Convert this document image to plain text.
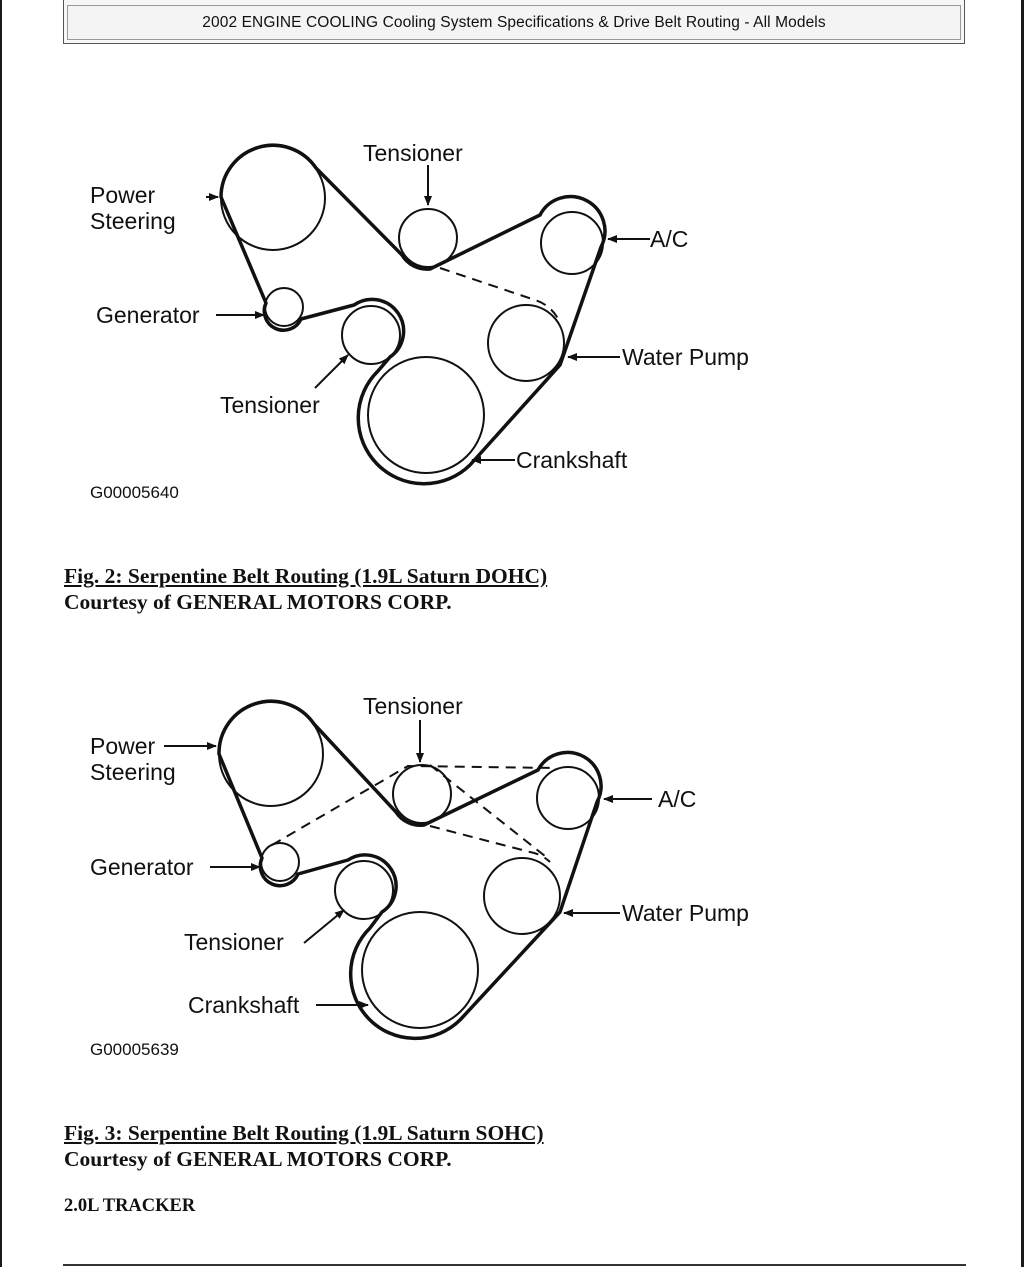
2002 ENGINE COOLING Cooling System Specifications & Drive Belt Routing - All Models
Power
Steering
Tensioner
A/C
Generator
Water Pump
Tensioner
Crankshaft
G00005640
Fig. 2: Serpentine Belt Routing (1.9L Saturn DOHC)
Courtesy of GENERAL MOTORS CORP.
Power
Steering
Tensioner
A/C
Generator
Water Pump
Tensioner
Crankshaft
G00005639
Fig. 3: Serpentine Belt Routing (1.9L Saturn SOHC)
Courtesy of GENERAL MOTORS CORP.
2.0L TRACKER
